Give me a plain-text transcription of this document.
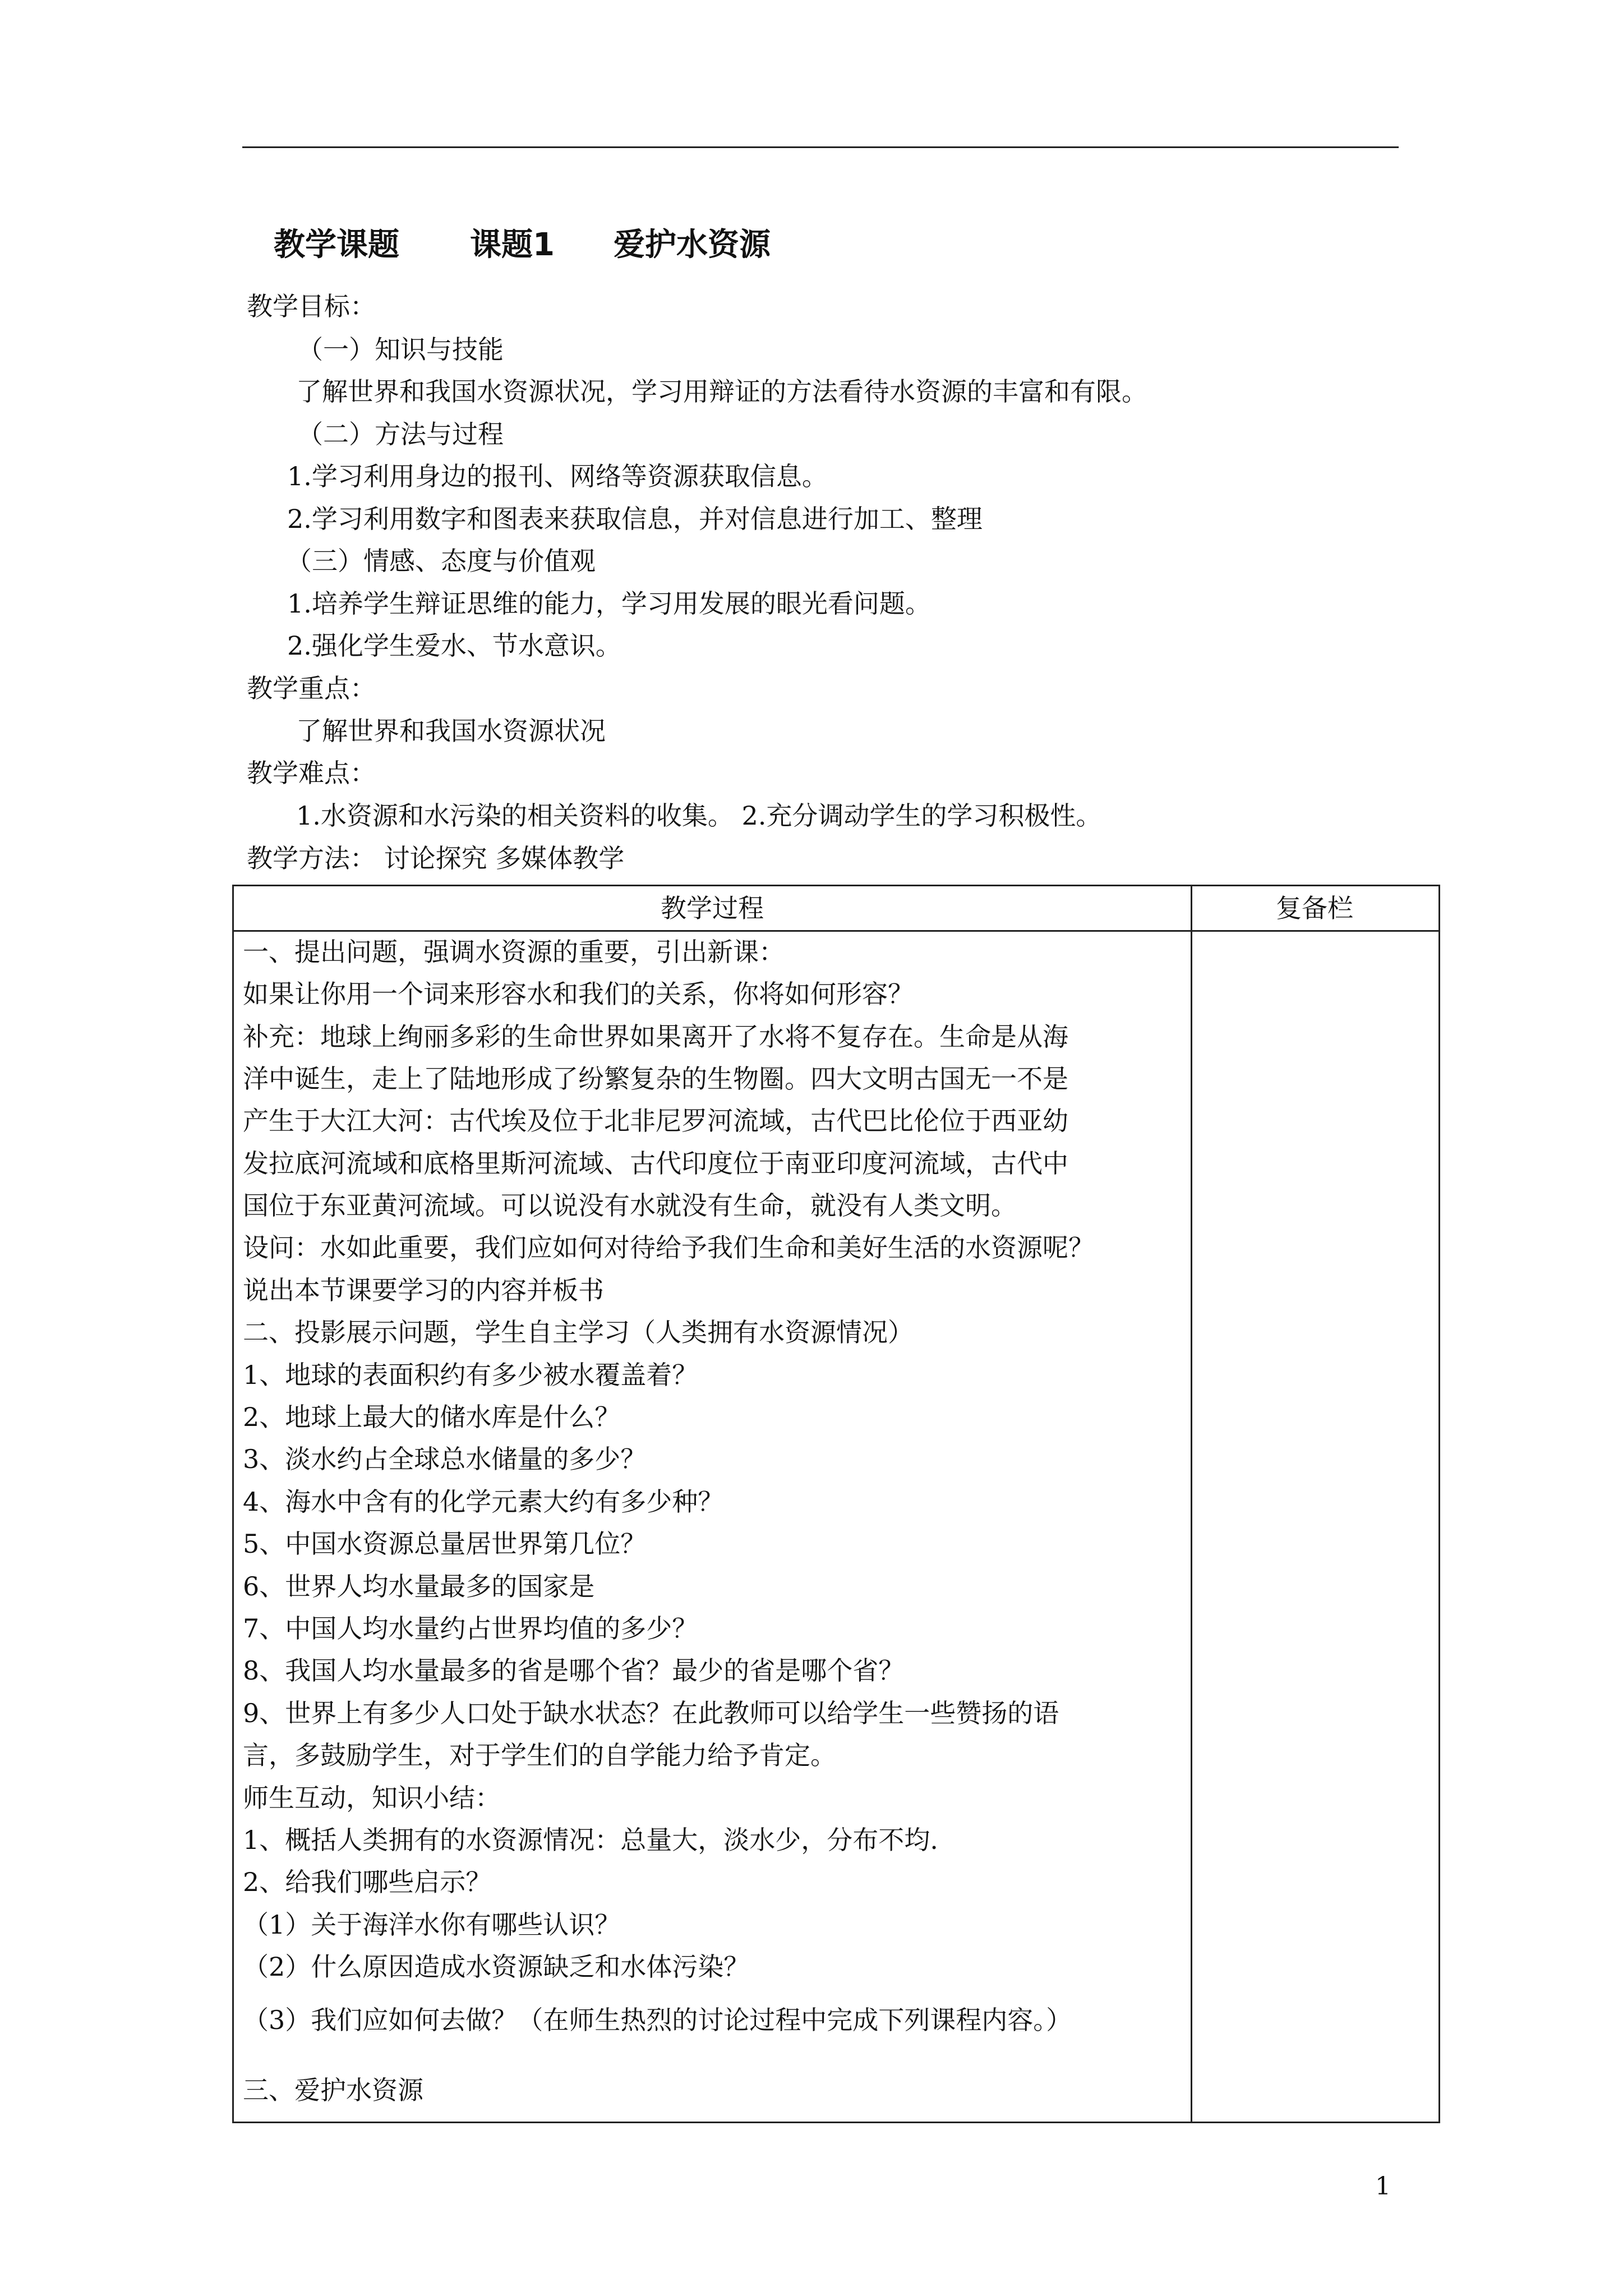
教学课题 课题1 爱护水资源
教学目标：
（一）知识与技能
了解世界和我国水资源状况，学习用辩证的方法看待水资源的丰富和有限。
（二）方法与过程
1.学习利用身边的报刊、网络等资源获取信息。
2.学习利用数字和图表来获取信息，并对信息进行加工、整理
（三）情感、态度与价值观
1.培养学生辩证思维的能力，学习用发展的眼光看问题。
2.强化学生爱水、节水意识。
教学重点：
了解世界和我国水资源状况
教学难点：
1.水资源和水污染的相关资料的收集。 2.充分调动学生的学习积极性。
教学方法： 讨论探究 多媒体教学
教学过程	复备栏
一、提出问题，强调水资源的重要，引出新课：
如果让你用一个词来形容水和我们的关系，你将如何形容？
补充：地球上绚丽多彩的生命世界如果离开了水将不复存在。生命是从海
洋中诞生，走上了陆地形成了纷繁复杂的生物圈。四大文明古国无一不是
产生于大江大河：古代埃及位于北非尼罗河流域，古代巴比伦位于西亚幼
发拉底河流域和底格里斯河流域、古代印度位于南亚印度河流域，古代中
国位于东亚黄河流域。可以说没有水就没有生命，就没有人类文明。
设问：水如此重要，我们应如何对待给予我们生命和美好生活的水资源呢？
说出本节课要学习的内容并板书
二、投影展示问题，学生自主学习（人类拥有水资源情况）
1、地球的表面积约有多少被水覆盖着？
2、地球上最大的储水库是什么？
3、淡水约占全球总水储量的多少？
4、海水中含有的化学元素大约有多少种？
5、中国水资源总量居世界第几位？
6、世界人均水量最多的国家是
7、中国人均水量约占世界均值的多少？
8、我国人均水量最多的省是哪个省？最少的省是哪个省？
9、世界上有多少人口处于缺水状态？在此教师可以给学生一些赞扬的语
言，多鼓励学生，对于学生们的自学能力给予肯定。
师生互动，知识小结：
1、概括人类拥有的水资源情况：总量大，淡水少，分布不均.
2、给我们哪些启示？
（1）关于海洋水你有哪些认识？
（2）什么原因造成水资源缺乏和水体污染？
（3）我们应如何去做？（在师生热烈的讨论过程中完成下列课程内容。）
三、爱护水资源
1
